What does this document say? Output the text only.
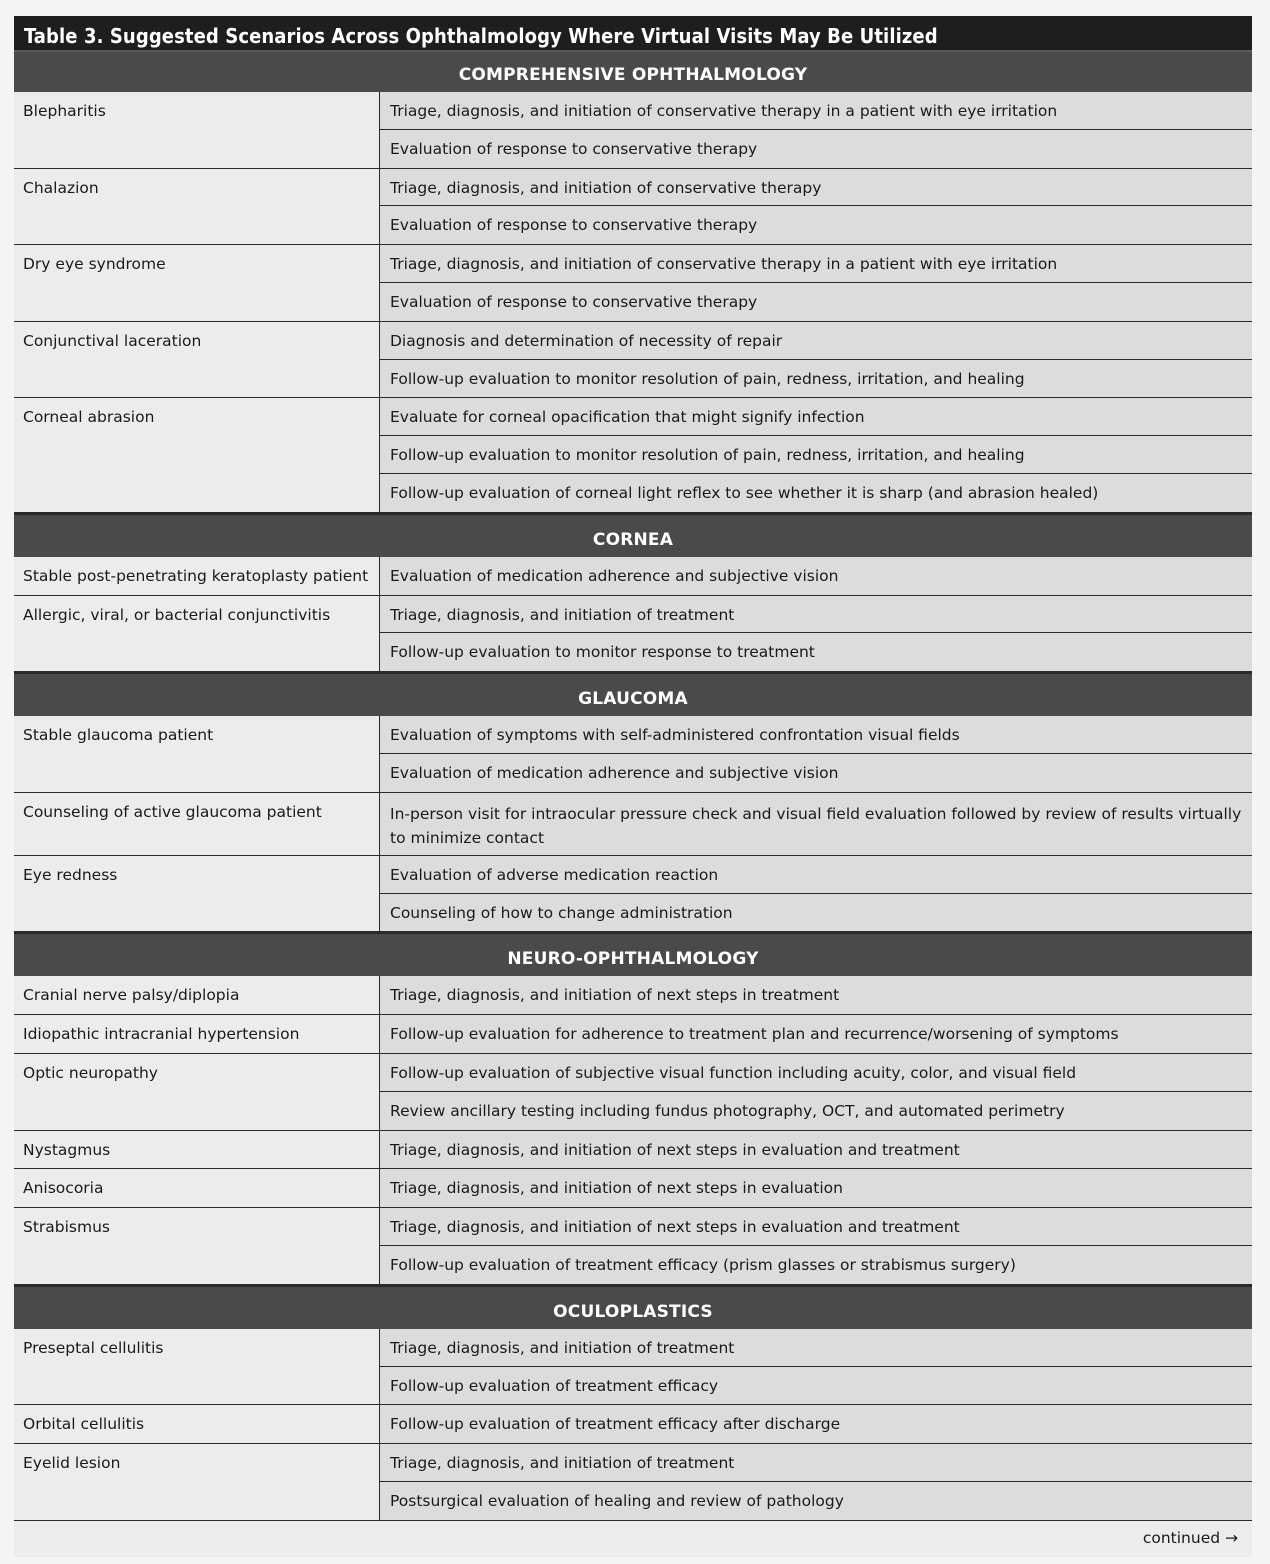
Table 3. Suggested Scenarios Across Ophthalmology Where Virtual Visits May Be Utilized
COMPREHENSIVE OPHTHALMOLOGY
Blepharitis	Triage, diagnosis, and initiation of conservative therapy in a patient with eye irritation
Evaluation of response to conservative therapy
Chalazion	Triage, diagnosis, and initiation of conservative therapy
Evaluation of response to conservative therapy
Dry eye syndrome	Triage, diagnosis, and initiation of conservative therapy in a patient with eye irritation
Evaluation of response to conservative therapy
Conjunctival laceration	Diagnosis and determination of necessity of repair
Follow-up evaluation to monitor resolution of pain, redness, irritation, and healing
Corneal abrasion	Evaluate for corneal opacification that might signify infection
Follow-up evaluation to monitor resolution of pain, redness, irritation, and healing
Follow-up evaluation of corneal light reflex to see whether it is sharp (and abrasion healed)
CORNEA
Stable post-penetrating keratoplasty patient	Evaluation of medication adherence and subjective vision
Allergic, viral, or bacterial conjunctivitis	Triage, diagnosis, and initiation of treatment
Follow-up evaluation to monitor response to treatment
GLAUCOMA
Stable glaucoma patient	Evaluation of symptoms with self-administered confrontation visual fields
Evaluation of medication adherence and subjective vision
Counseling of active glaucoma patient	In-person visit for intraocular pressure check and visual field evaluation followed by review of results virtually to minimize contact
Eye redness	Evaluation of adverse medication reaction
Counseling of how to change administration
NEURO-OPHTHALMOLOGY
Cranial nerve palsy/diplopia	Triage, diagnosis, and initiation of next steps in treatment
Idiopathic intracranial hypertension	Follow-up evaluation for adherence to treatment plan and recurrence/worsening of symptoms
Optic neuropathy	Follow-up evaluation of subjective visual function including acuity, color, and visual field
Review ancillary testing including fundus photography, OCT, and automated perimetry
Nystagmus	Triage, diagnosis, and initiation of next steps in evaluation and treatment
Anisocoria	Triage, diagnosis, and initiation of next steps in evaluation
Strabismus	Triage, diagnosis, and initiation of next steps in evaluation and treatment
Follow-up evaluation of treatment efficacy (prism glasses or strabismus surgery)
OCULOPLASTICS
Preseptal cellulitis	Triage, diagnosis, and initiation of treatment
Follow-up evaluation of treatment efficacy
Orbital cellulitis	Follow-up evaluation of treatment efficacy after discharge
Eyelid lesion	Triage, diagnosis, and initiation of treatment
Postsurgical evaluation of healing and review of pathology
continued →
